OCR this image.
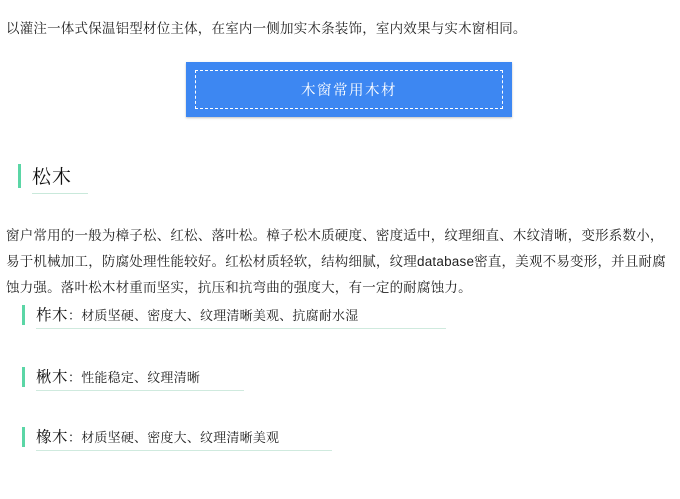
以灌注一体式保温铝型材位主体，在室内一侧加实木条装饰，室内效果与实木窗相同。

木窗常用木材
松木

窗户常用的一般为樟子松、红松、落叶松。樟子松木质硬度、密度适中，纹理细直、木纹清晰，变形系数小，易于机械加工，防腐处理性能较好。红松材质轻软，结构细腻，纹理database密直，美观不易变形，并且耐腐蚀力强。落叶松木材重而坚实，抗压和抗弯曲的强度大，有一定的耐腐蚀力。

柞木：材质坚硬、密度大、纹理清晰美观、抗腐耐水湿
楸木：性能稳定、纹理清晰
橡木：材质坚硬、密度大、纹理清晰美观
